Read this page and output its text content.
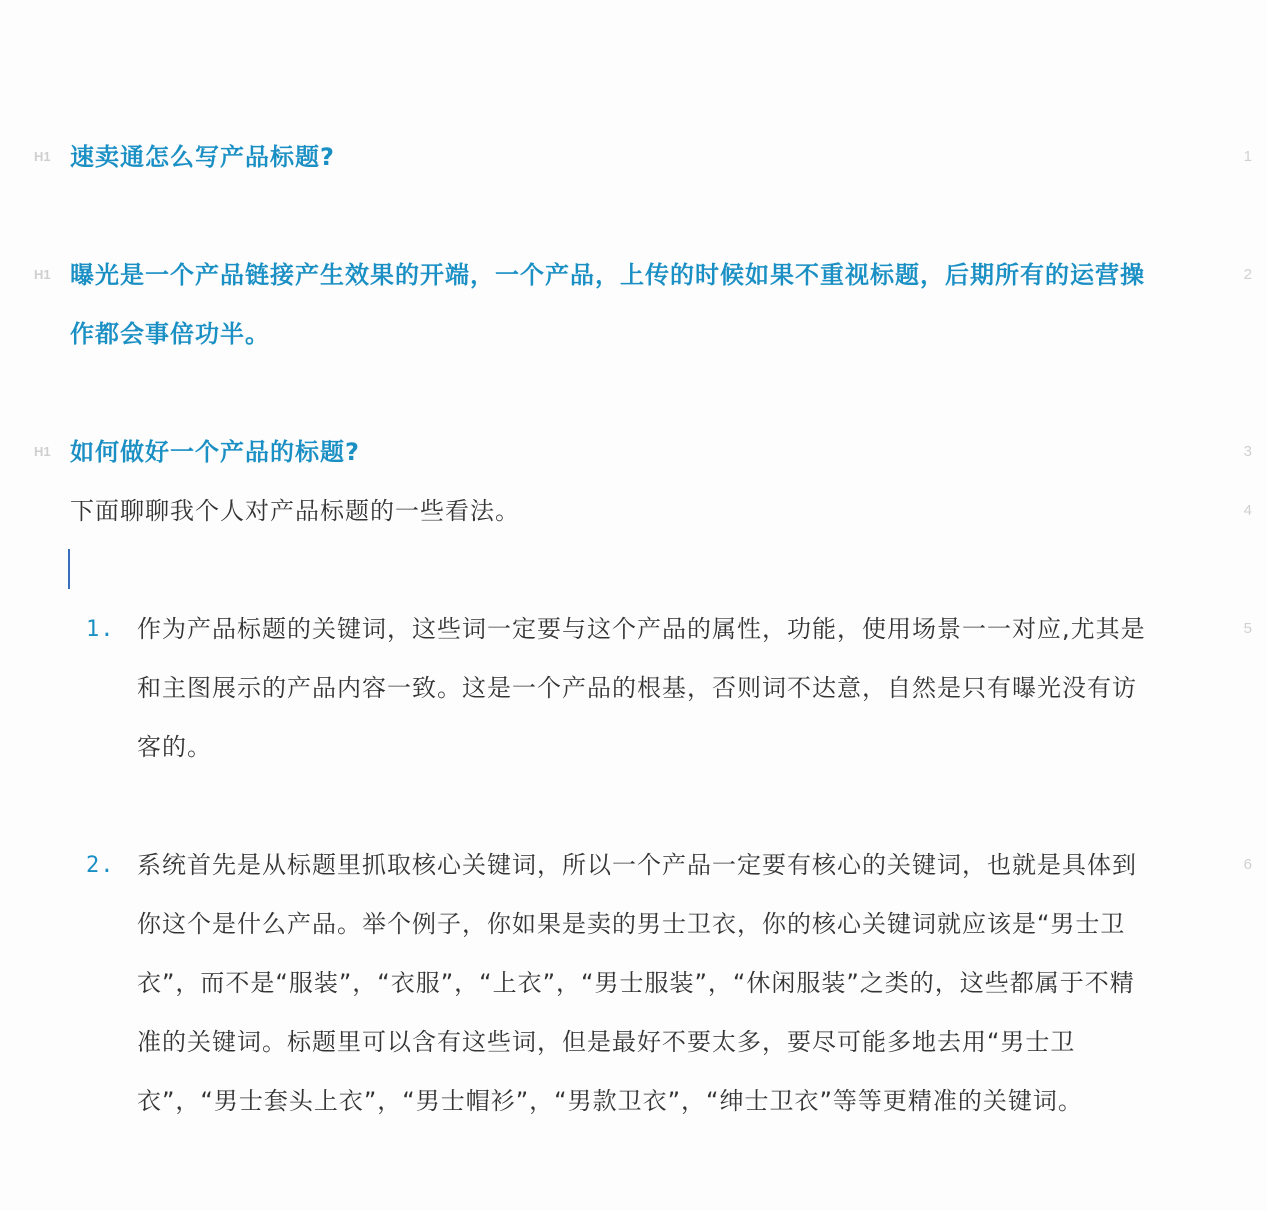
H1 速卖通怎么写产品标题?	1
H1 曝光是一个产品链接产生效果的开端，一个产品，上传的时候如果不重视标题，后期所有的运营操作都会事倍功半。
2
H1 如何做好一个产品的标题?	3
下面聊聊我个人对产品标题的一些看法。	4
1. 作为产品标题的关键词，这些词一定要与这个产品的属性，功能，使用场景一一对应,尤其是和主图展示的产品内容一致。这是一个产品的根基，否则词不达意，自然是只有曝光没有访客的。
5
2. 系统首先是从标题里抓取核心关键词，所以一个产品一定要有核心的关键词，也就是具体到你这个是什么产品。举个例子，你如果是卖的男士卫衣，你的核心关键词就应该是“男士卫衣”，而不是“服装”，“衣服”，“上衣”，“男士服装”，“休闲服装”之类的，这些都属于不精准的关键词。标题里可以含有这些词，但是最好不要太多，要尽可能多地去用“男士卫衣”，“男士套头上衣”，“男士帽衫”，“男款卫衣”，“绅士卫衣”等等更精准的关键词。
6
